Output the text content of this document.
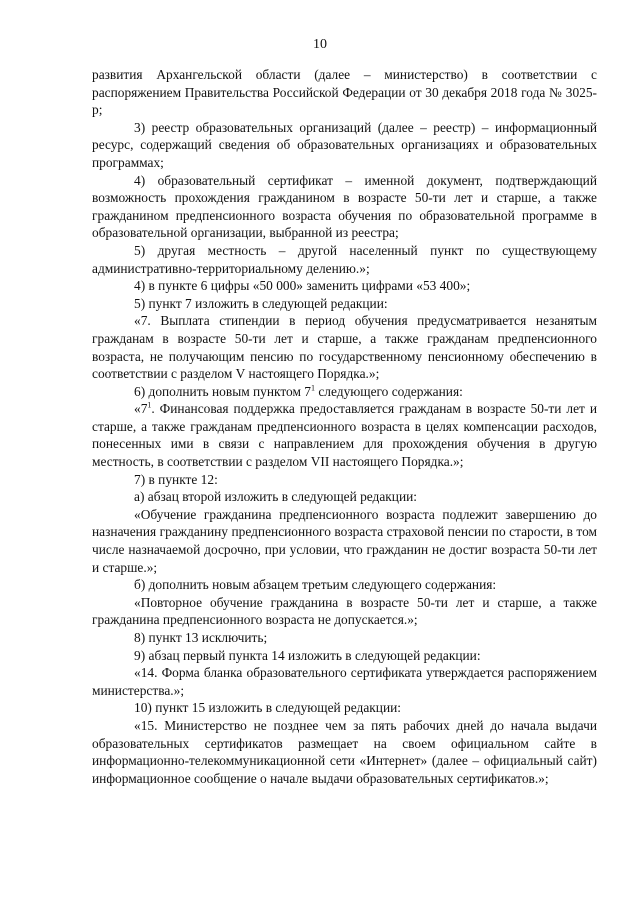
10

развития Архангельской области (далее – министерство) в соответствии с распоряжением Правительства Российской Федерации от 30 декабря 2018 года № 3025-р;

3) реестр образовательных организаций (далее – реестр) – информационный ресурс, содержащий сведения об образовательных организациях и образовательных программах;

4) образовательный сертификат – именной документ, подтверждающий возможность прохождения гражданином в возрасте 50-ти лет и старше, а также гражданином предпенсионного возраста обучения по образовательной программе в образовательной организации, выбранной из реестра;

5) другая местность – другой населенный пункт по существующему административно-территориальному делению.»;

4) в пункте 6 цифры «50 000» заменить цифрами «53 400»;

5) пункт 7 изложить в следующей редакции:

«7. Выплата стипендии в период обучения предусматривается незанятым гражданам в возрасте 50-ти лет и старше, а также гражданам предпенсионного возраста, не получающим пенсию по государственному пенсионному обеспечению в соответствии с разделом V настоящего Порядка.»;

6) дополнить новым пунктом $7^1$ следующего содержания:

«$7^1$. Финансовая поддержка предоставляется гражданам в возрасте 50-ти лет и старше, а также гражданам предпенсионного возраста в целях компенсации расходов, понесенных ими в связи с направлением для прохождения обучения в другую местность, в соответствии с разделом VII настоящего Порядка.»;

7) в пункте 12:

а) абзац второй изложить в следующей редакции:

«Обучение гражданина предпенсионного возраста подлежит завершению до назначения гражданину предпенсионного возраста страховой пенсии по старости, в том числе назначаемой досрочно, при условии, что гражданин не достиг возраста 50-ти лет и старше.»;

б) дополнить новым абзацем третьим следующего содержания:

«Повторное обучение гражданина в возрасте 50-ти лет и старше, а также гражданина предпенсионного возраста не допускается.»;

8) пункт 13 исключить;

9) абзац первый пункта 14 изложить в следующей редакции:

«14. Форма бланка образовательного сертификата утверждается распоряжением министерства.»;

10) пункт 15 изложить в следующей редакции:

«15. Министерство не позднее чем за пять рабочих дней до начала выдачи образовательных сертификатов размещает на своем официальном сайте в информационно-телекоммуникационной сети «Интернет» (далее – официальный сайт) информационное сообщение о начале выдачи образовательных сертификатов.»;
